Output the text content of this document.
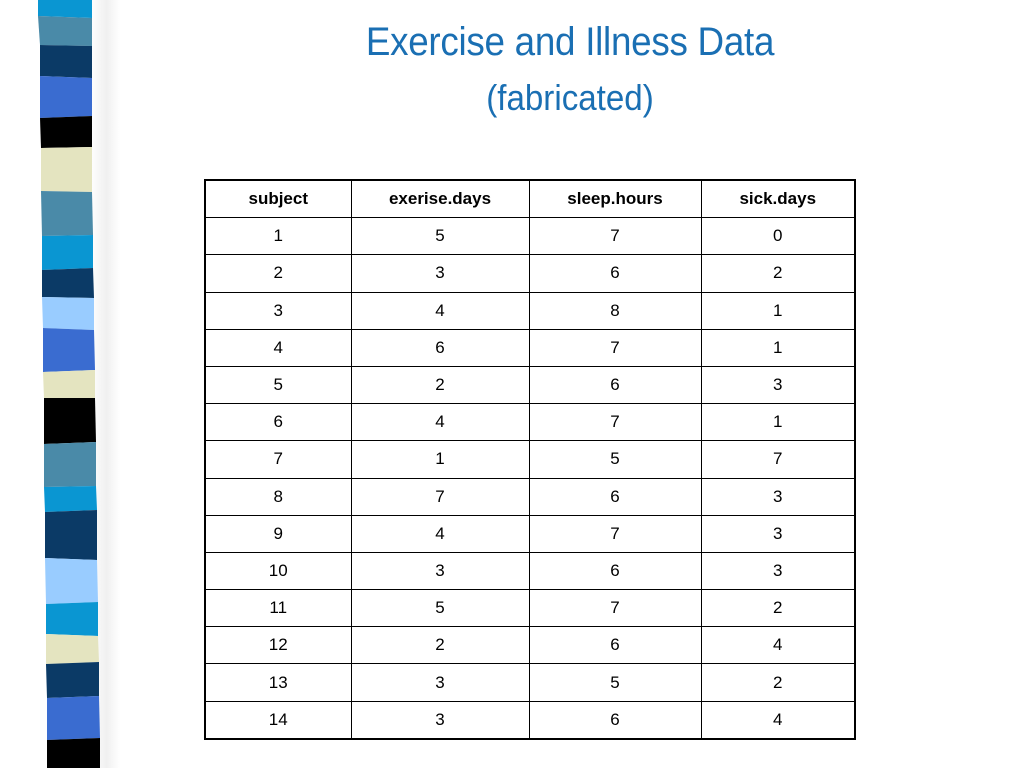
Exercise and Illness Data
(fabricated)
subject	exerise.days	sleep.hours	sick.days
1	5	7	0
2	3	6	2
3	4	8	1
4	6	7	1
5	2	6	3
6	4	7	1
7	1	5	7
8	7	6	3
9	4	7	3
10	3	6	3
11	5	7	2
12	2	6	4
13	3	5	2
14	3	6	4
